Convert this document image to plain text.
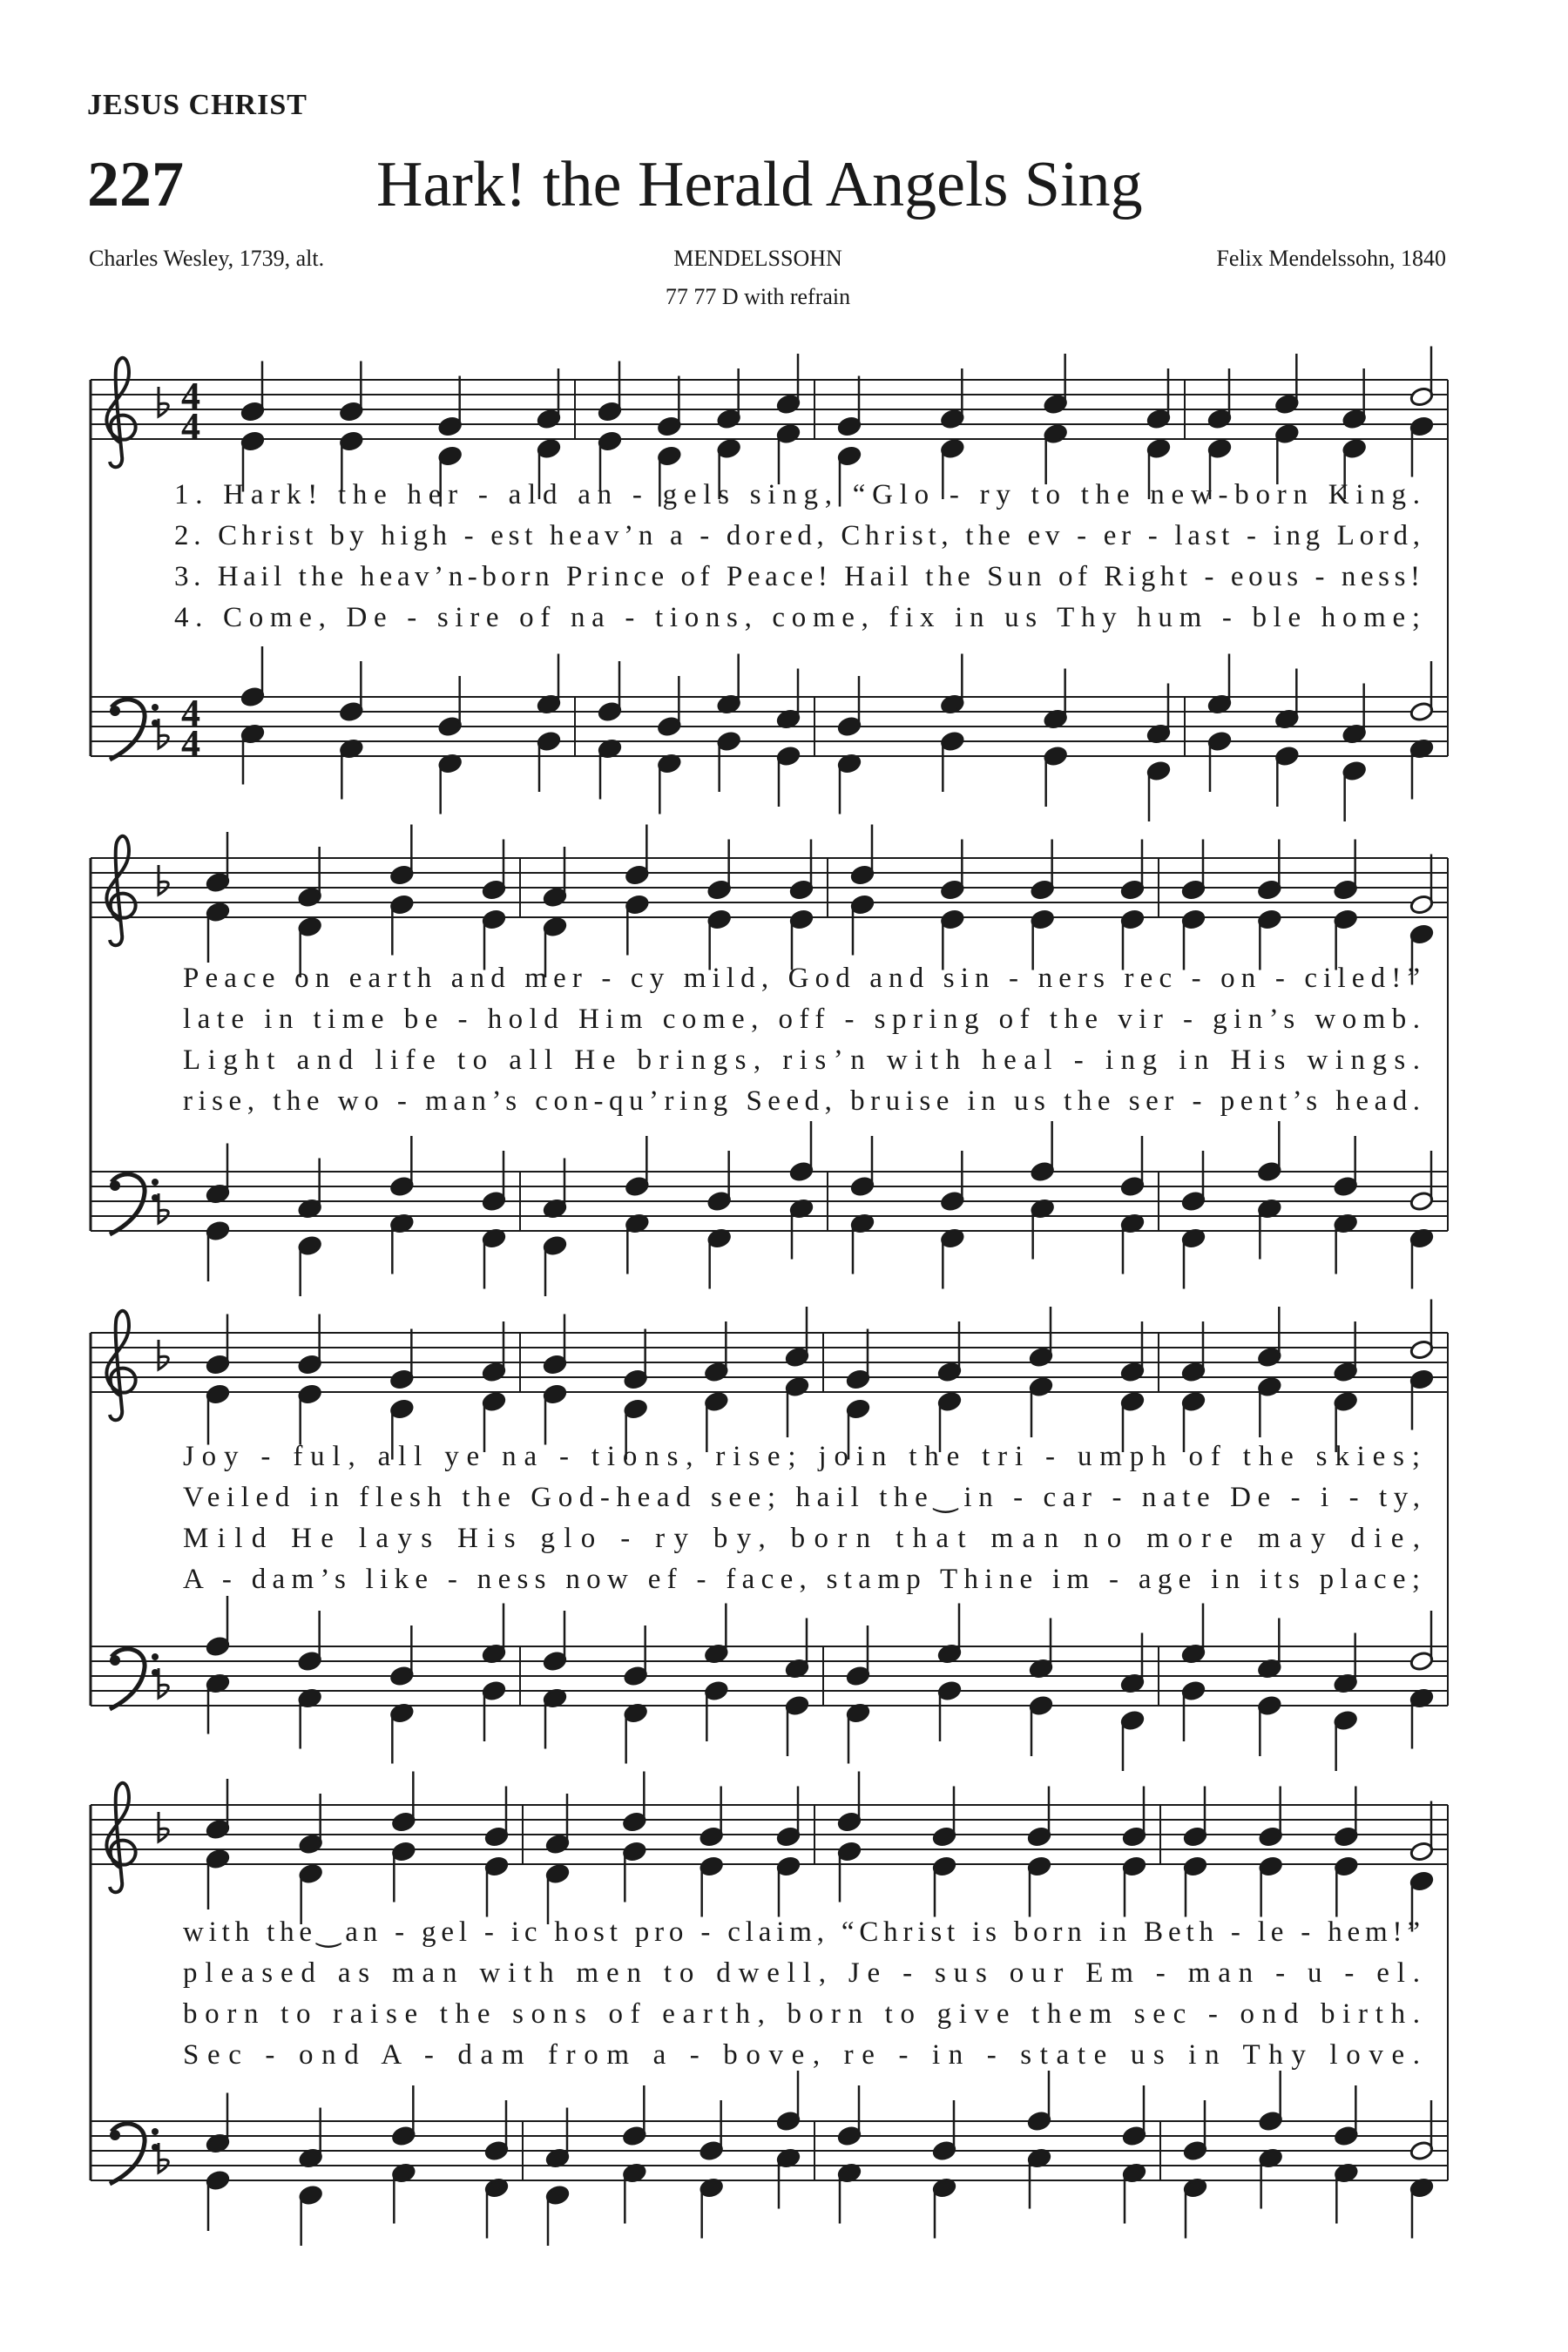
JESUS CHRIST
227	Hark! the Herald Angels Sing
Charles Wesley, 1739, alt.	MENDELSSOHN	Felix Mendelssohn, 1840
77 77 D with refrain
4
4
4
4
1. Hark! the her - ald an - gels sing, “Glo - ry to the new-born King.
2. Christ by high - est heav’n a - dored, Christ, the ev - er - last - ing Lord,
3. Hail the heav’n-born Prince of Peace! Hail the Sun of Right - eous - ness!
4. Come, De - sire of na - tions, come, fix in us Thy hum - ble home;
Peace on earth and mer - cy mild, God and sin - ners rec - on - ciled!”
late in time be - hold Him come, off - spring of the vir - gin’s womb.
Light and life to all He brings, ris’n with heal - ing in His wings.
rise, the wo - man’s con-qu’ring Seed, bruise in us the ser - pent’s head.
Joy - ful, all ye na - tions, rise; join the tri - umph of the skies;
Veiled in flesh the God-head see; hail the‿in - car - nate De - i - ty,
Mild He lays His glo - ry by, born that man no more may die,
A - dam’s like - ness now ef - face, stamp Thine im - age in its place;
with the‿an - gel - ic host pro - claim, “Christ is born in Beth - le - hem!”
pleased as man with men to dwell, Je - sus our Em - man - u - el.
born to raise the sons of earth, born to give them sec - ond birth.
Sec - ond A - dam from a - bove, re - in - state us in Thy love.
